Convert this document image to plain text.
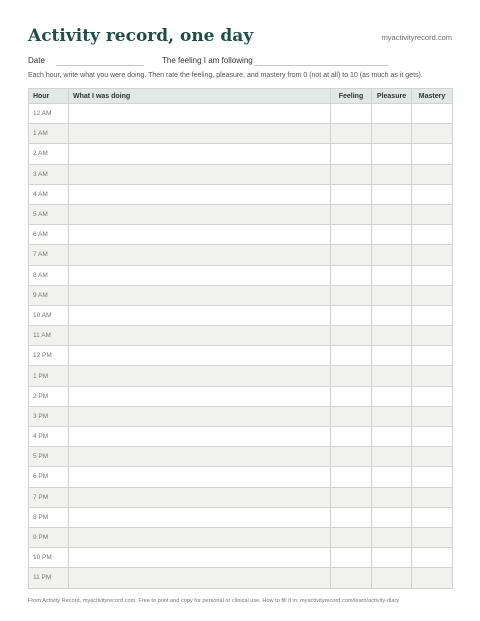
Activity record, one day	myactivityrecord.com
Date	The feeling I am following
Each hour, write what you were doing. Then rate the feeling, pleasure, and mastery from 0 (not at all) to 10 (as much as it gets).
Hour	What I was doing	Feeling	Pleasure	Mastery
12 AM				
1 AM				
2 AM				
3 AM				
4 AM				
5 AM				
6 AM				
7 AM				
8 AM				
9 AM				
10 AM				
11 AM				
12 PM				
1 PM				
2 PM				
3 PM				
4 PM				
5 PM				
6 PM				
7 PM				
8 PM				
9 PM				
10 PM				
11 PM				
From Activity Record, myactivityrecord.com. Free to print and copy for personal or clinical use. How to fill it in: myactivityrecord.com/learn/activity-diary
